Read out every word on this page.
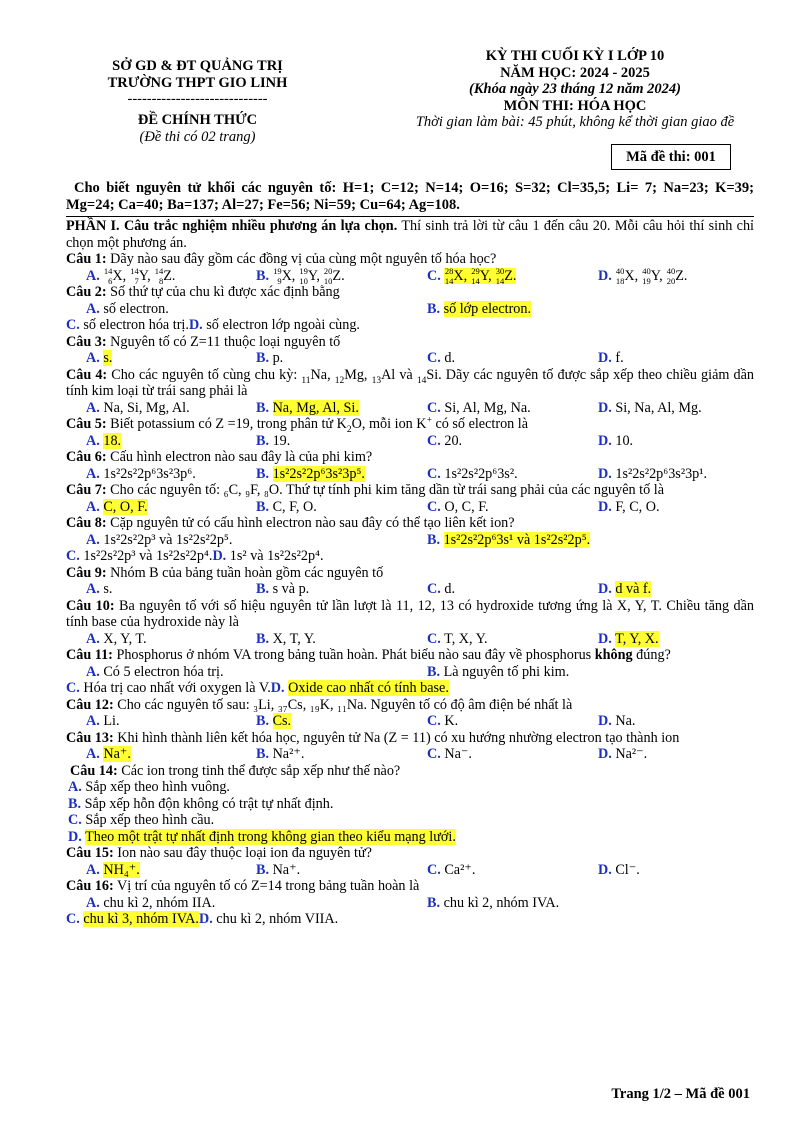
SỞ GD & ĐT QUẢNG TRỊ
TRƯỜNG THPT GIO LINH
-----------------------------
ĐỀ CHÍNH THỨC
(Đề thi có 02 trang)
KỲ THI CUỐI KỲ I LỚP 10
NĂM HỌC: 2024 - 2025
(Khóa ngày 23 tháng 12 năm 2024)
MÔN THI: HÓA HỌC
Thời gian làm bài: 45 phút, không kể thời gian giao đề
Mã đề thi: 001
Cho biết nguyên tử khối các nguyên tố: H=1; C=12; N=14; O=16; S=32; Cl=35,5; Li= 7; Na=23; K=39; Mg=24; Ca=40; Ba=137; Al=27; Fe=56; Ni=59; Cu=64; Ag=108.
PHẦN I. Câu trắc nghiệm nhiều phương án lựa chọn. Thí sinh trả lời từ câu 1 đến câu 20. Mỗi câu hỏi thí sinh chỉ chọn một phương án.
Câu 1: Dãy nào sau đây gồm các đồng vị của cùng một nguyên tố hóa học?
A. 14
6 X, 14
7 Y, 14
8 Z.	B. 19
9 X, 19
10 Y, 20
10 Z.	C. 28
14 X, 29
14 Y, 30
14 Z.	D. 40
18 X, 40
19 Y, 40
20 Z.
Câu 2: Số thứ tự của chu kì được xác định bằng
A. số electron.	B. số lớp electron.
C. số electron hóa trị.D. số electron lớp ngoài cùng.
Câu 3: Nguyên tố có Z=11 thuộc loại nguyên tố
A. s.	B. p.	C. d.	D. f.
Câu 4: Cho các nguyên tố cùng chu kỳ: $_{11}$Na, $_{12}$Mg, $_{13}$Al và $_{14}$Si. Dãy các nguyên tố được sắp xếp theo chiều giảm dần tính kim loại từ trái sang phải là
A. Na, Si, Mg, Al.	B. Na, Mg, Al, Si.	C. Si, Al, Mg, Na.	D. Si, Na, Al, Mg.
Câu 5: Biết potassium có Z =19, trong phân tử $K_2O$, mỗi ion K+ có số electron là
A. 18.	B. 19.	C. 20.	D. 10.
Câu 6: Cấu hình electron nào sau đây là của phi kim?
A. 1s²2s²2p⁶3s²3p⁶.	B. 1s²2s²2p⁶3s²3p⁵.	C. 1s²2s²2p⁶3s².	D. 1s²2s²2p⁶3s²3p¹.
Câu 7: Cho các nguyên tố: ₆C, ₉F, ₈O. Thứ tự tính phi kim tăng dần từ trái sang phải của các nguyên tố là
A. C, O, F.	B. C, F, O.	C. O, C, F.	D. F, C, O.
Câu 8: Cặp nguyên tử có cấu hình electron nào sau đây có thể tạo liên kết ion?
A. 1s²2s²2p³ và 1s²2s²2p⁵.	B. 1s²2s²2p⁶3s¹ và 1s²2s²2p⁵.
C. 1s²2s²2p³ và 1s²2s²2p⁴.D. 1s² và 1s²2s²2p⁴.
Câu 9: Nhóm B của bảng tuần hoàn gồm các nguyên tố
A. s.	B. s và p.	C. d.	D. d và f.
Câu 10: Ba nguyên tố với số hiệu nguyên tử lần lượt là 11, 12, 13 có hydroxide tương ứng là X, Y, T. Chiều tăng dần tính base của hydroxide này là
A. X, Y, T.	B. X, T, Y.	C. T, X, Y.	D. T, Y, X.
Câu 11: Phosphorus ở nhóm VA trong bảng tuần hoàn. Phát biểu nào sau đây về phosphorus không đúng?
A. Có 5 electron hóa trị.	B. Là nguyên tố phi kim.
C. Hóa trị cao nhất với oxygen là V.D. Oxide cao nhất có tính base.
Câu 12: Cho các nguyên tố sau: ₃Li, ₃₇Cs, ₁₉K, ₁₁Na. Nguyên tố có độ âm điện bé nhất là
A. Li.	B. Cs.	C. K.	D. Na.
Câu 13: Khi hình thành liên kết hóa học, nguyên tử Na (Z = 11) có xu hướng nhường electron tạo thành ion
A. Na⁺.	B. Na²⁺.	C. Na⁻.	D. Na²⁻.
Câu 14: Các ion trong tinh thể được sắp xếp như thế nào?
A. Sắp xếp theo hình vuông.
B. Sắp xếp hỗn độn không có trật tự nhất định.
C. Sắp xếp theo hình cầu.
D. Theo một trật tự nhất định trong không gian theo kiểu mạng lưới.
Câu 15: Ion nào sau đây thuộc loại ion đa nguyên tử?
A. NH₄⁺.	B. Na⁺.	C. Ca²⁺.	D. Cl⁻.
Câu 16: Vị trí của nguyên tố có Z=14 trong bảng tuần hoàn là
A. chu kì 2, nhóm IIA.	B. chu kì 2, nhóm IVA.
C. chu kì 3, nhóm IVA.D. chu kì 2, nhóm VIIA.
Trang 1/2 – Mã đề 001
